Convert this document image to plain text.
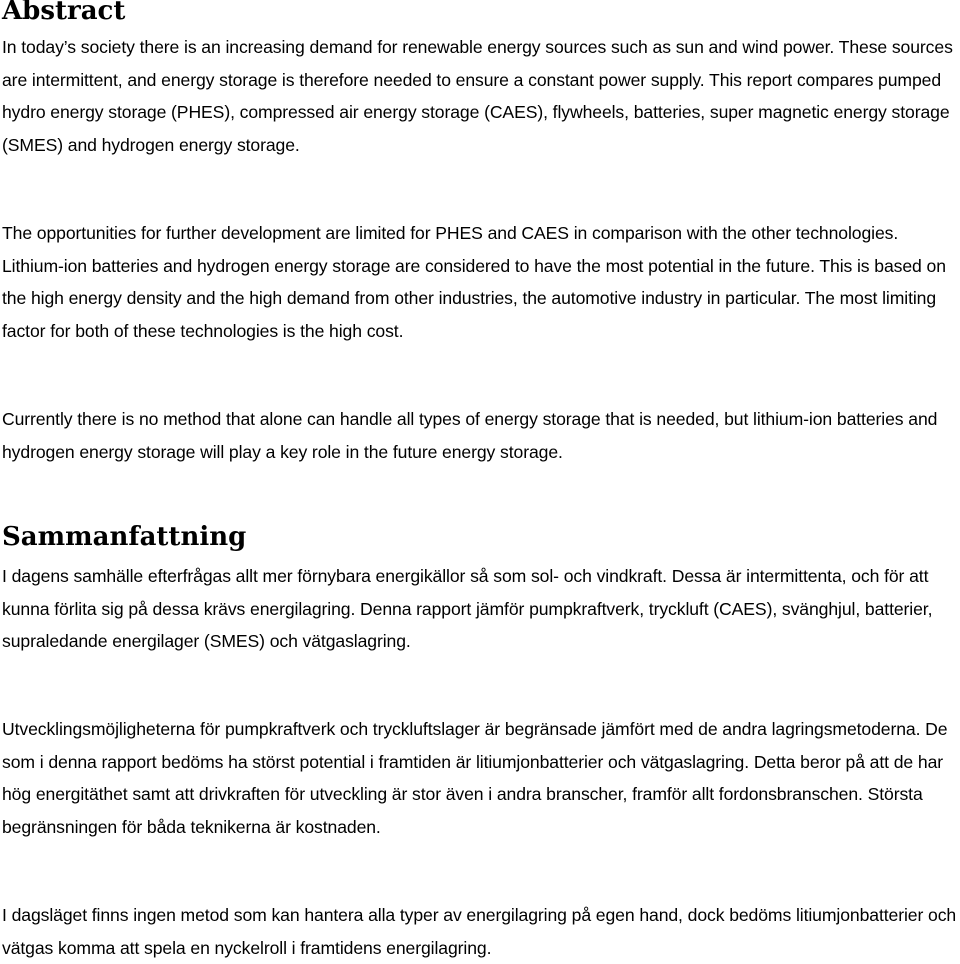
Abstract

In today’s society there is an increasing demand for renewable energy sources such as sun and wind power. These sources are intermittent, and energy storage is therefore needed to ensure a constant power supply. This report compares pumped hydro energy storage (PHES), compressed air energy storage (CAES), flywheels, batteries, super magnetic energy storage (SMES) and hydrogen energy storage.

The opportunities for further development are limited for PHES and CAES in comparison with the other technologies. Lithium-ion batteries and hydrogen energy storage are considered to have the most potential in the future. This is based on the high energy density and the high demand from other industries, the automotive industry in particular. The most limiting factor for both of these technologies is the high cost.

Currently there is no method that alone can handle all types of energy storage that is needed, but lithium-ion batteries and hydrogen energy storage will play a key role in the future energy storage.

Sammanfattning

I dagens samhälle efterfrågas allt mer förnybara energikällor så som sol- och vindkraft. Dessa är intermittenta, och för att kunna förlita sig på dessa krävs energilagring. Denna rapport jämför pumpkraftverk, tryckluft (CAES), svänghjul, batterier, supraledande energilager (SMES) och vätgaslagring.

Utvecklingsmöjligheterna för pumpkraftverk och tryckluftslager är begränsade jämfört med de andra lagringsmetoderna. De som i denna rapport bedöms ha störst potential i framtiden är litiumjonbatterier och vätgaslagring. Detta beror på att de har hög energitäthet samt att drivkraften för utveckling är stor även i andra branscher, framför allt fordonsbranschen. Största begränsningen för båda teknikerna är kostnaden.

I dagsläget finns ingen metod som kan hantera alla typer av energilagring på egen hand, dock bedöms litiumjonbatterier och vätgas komma att spela en nyckelroll i framtidens energilagring.
